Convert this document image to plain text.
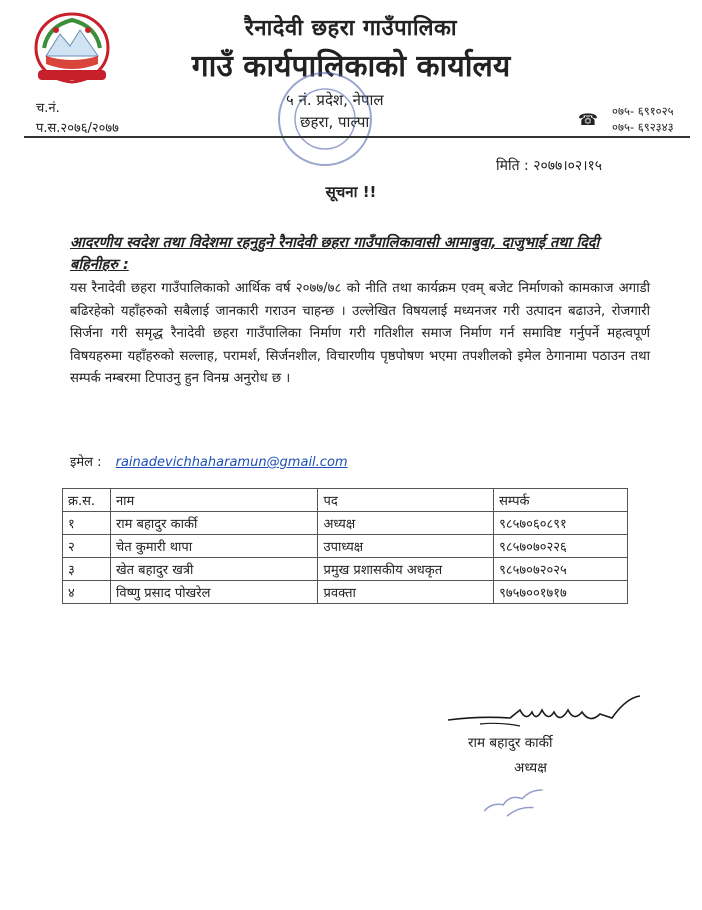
रैनादेवी छहरा गाउँपालिका
गाउँ कार्यपालिकाको कार्यालय
५ नं. प्रदेश, नेपाल
छहरा, पाल्पा
च.नं.
प.स.२०७६/२०७७	☎ ०७५- ६९१०२५
०७५- ६९२३४३
मिति : २०७७।०२।१५
सूचना !!
आदरणीय स्वदेश तथा विदेशमा रहनुहुने रैनादेवी छहरा गाउँपालिकावासी आमाबुवा, दाजुभाई तथा दिदी बहिनीहरु :
यस रैनादेवी छहरा गाउँपालिकाको आर्थिक वर्ष २०७७/७८ को नीति तथा कार्यक्रम एवम् बजेट निर्माणको कामकाज अगाडी बढिरहेको यहाँहरुको सबैलाई जानकारी गराउन चाहन्छ । उल्लेखित विषयलाई मध्यनजर गरी उत्पादन बढाउने, रोजगारी सिर्जना गरी समृद्ध रैनादेवी छहरा गाउँपालिका निर्माण गरी गतिशील समाज निर्माण गर्न समाविष्ट गर्नुपर्ने महत्वपूर्ण विषयहरुमा यहाँहरुको सल्लाह, परामर्श, सिर्जनशील, विचारणीय पृष्ठपोषण भएमा तपशीलको इमेल ठेगानामा पठाउन तथा सम्पर्क नम्बरमा टिपाउनु हुन विनम्र अनुरोध छ ।
इमेल : rainadevichhaharamun@gmail.com
क्र.स.	नाम	पद	सम्पर्क
१	राम बहादुर कार्की	अध्यक्ष	९८५७०६०८९१
२	चेत कुमारी थापा	उपाध्यक्ष	९८५७०७०२२६
३	खेत बहादुर खत्री	प्रमुख प्रशासकीय अधकृत	९८५७०७२०२५
४	विष्णु प्रसाद पोखरेल	प्रवक्ता	९७५७००१७१७
राम बहादुर कार्की
अध्यक्ष
